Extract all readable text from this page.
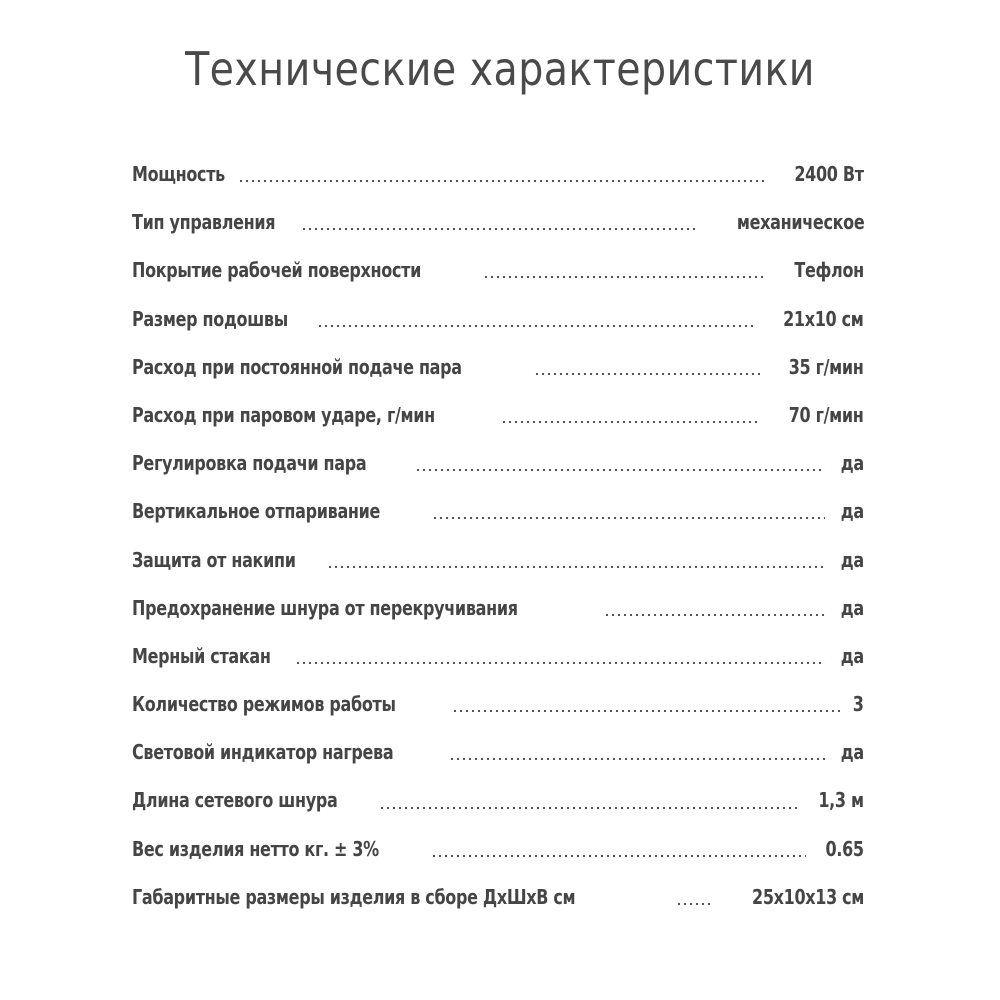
Технические характеристики
Мощность	2400 Вт
Тип управления	механическое
Покрытие рабочей поверхности	Тефлон
Размер подошвы	21x10 см
Расход при постоянной подаче пара	35 г/мин
Расход при паровом ударе, г/мин	70 г/мин
Регулировка подачи пара	да
Вертикальное отпаривание	да
Защита от накипи	да
Предохранение шнура от перекручивания	да
Мерный стакан	да
Количество режимов работы	3
Световой индикатор нагрева	да
Длина сетевого шнура	1,3 м
Вес изделия нетто кг. ± 3%	0.65
Габаритные размеры изделия в сборе ДxШxВ см	25x10x13 см
